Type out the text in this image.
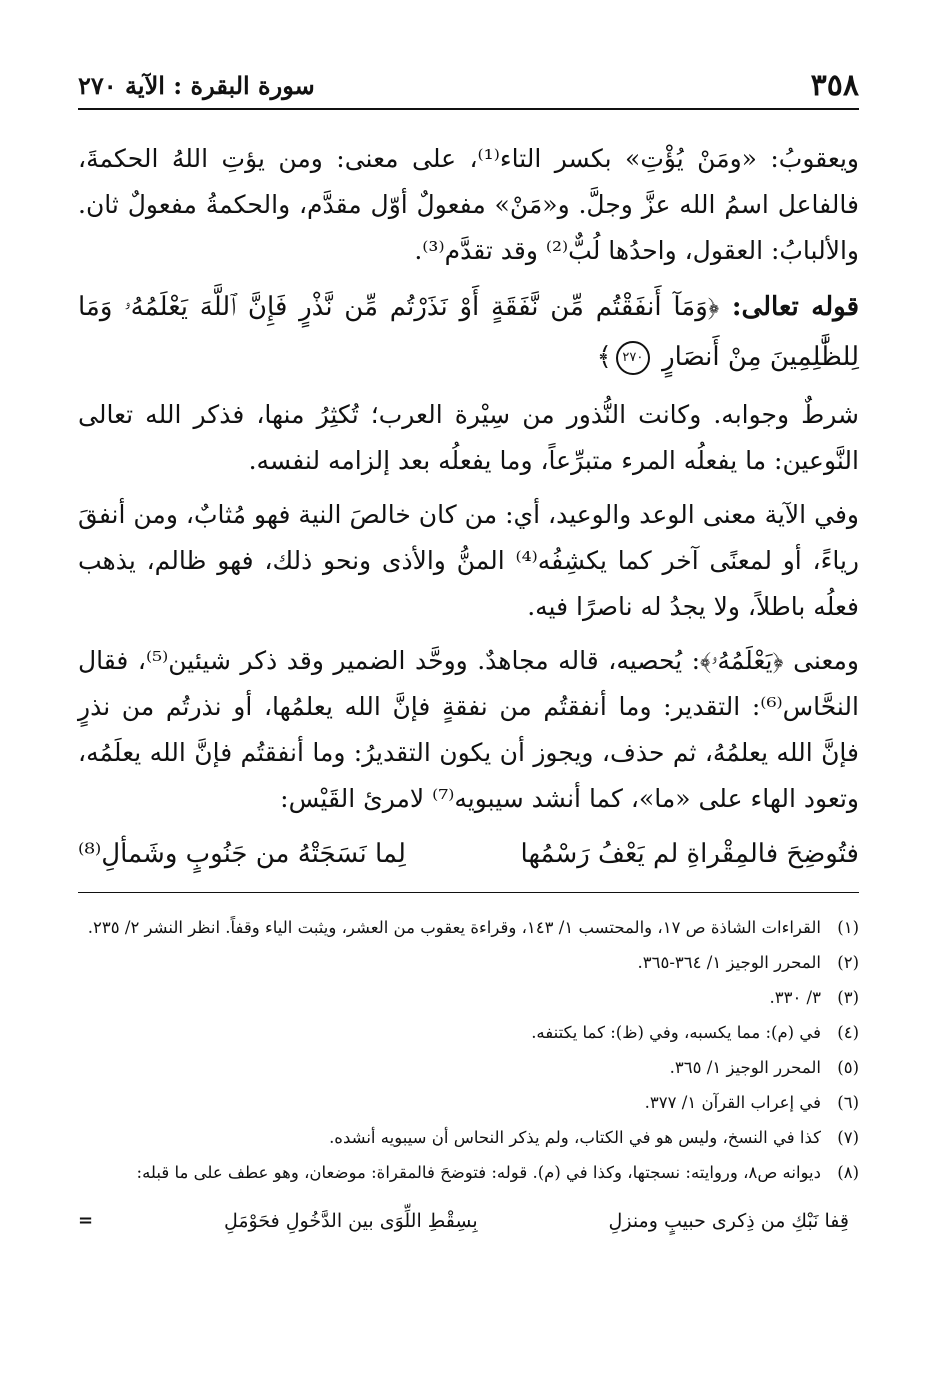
٣٥٨
سورة البقرة : الآية ٢٧٠

ويعقوبُ: «ومَنْ يُؤْتِ» بكسر التاء⁽¹⁾، على معنى: ومن يؤتِ اللهُ الحكمةَ، فالفاعل اسمُ الله عزَّ وجلَّ. و«مَنْ» مفعولٌ أوّل مقدَّم، والحكمةُ مفعولٌ ثان. والألبابُ: العقول، واحدُها لُبٌّ⁽²⁾ وقد تقدَّم⁽³⁾.

قوله تعالى: ﴿وَمَآ أَنفَقْتُم مِّن نَّفَقَةٍ أَوْ نَذَرْتُم مِّن نَّذْرٍ فَإِنَّ ٱللَّهَ يَعْلَمُهُۥ وَمَا لِلظَّٰلِمِينَ مِنْ أَنصَارٍ ٢٧٠﴾

شرطٌ وجوابه. وكانت النُّذور من سِيْرة العرب؛ تُكثِرُ منها، فذكر الله تعالى النَّوعين: ما يفعلُه المرء متبرِّعاً، وما يفعلُه بعد إلزامه لنفسه.

وفي الآية معنى الوعد والوعيد، أي: من كان خالصَ النية فهو مُثابٌ، ومن أنفقَ رياءً، أو لمعنًى آخر كما يكشِفُه⁽⁴⁾ المنُّ والأذى ونحو ذلك، فهو ظالم، يذهب فعلُه باطلاً، ولا يجدُ له ناصرًا فيه.

ومعنى ﴿يَعْلَمُهُۥ﴾: يُحصيه، قاله مجاهدٌ. ووحَّد الضمير وقد ذكر شيئين⁽⁵⁾، فقال النحَّاس⁽⁶⁾: التقدير: وما أنفقتُم من نفقةٍ فإنَّ الله يعلمُها، أو نذرتُم من نذرٍ فإنَّ الله يعلمُهُ، ثم حذف، ويجوز أن يكون التقديرُ: وما أنفقتُم فإنَّ الله يعلَمُه، وتعود الهاء على «ما»، كما أنشد سيبويه⁽⁷⁾ لامرئ القَيْس:

فتُوضِحَ فالمِقْراةِ لم يَعْفُ رَسْمُها
لِما نَسَجَتْهُ من جَنُوبٍ وشَمألِ⁽⁸⁾
(١)
القراءات الشاذة ص ١٧، والمحتسب ١/ ١٤٣، وقراءة يعقوب من العشر، ويثبت الياء وقفاً. انظر النشر ٢/ ٢٣٥.
(٢)
المحرر الوجيز ١/ ٣٦٤-٣٦٥.
(٣)
٣/ ٣٣٠.
(٤)
في (م): مما يكسبه، وفي (ظ): كما يكتنفه.
(٥)
المحرر الوجيز ١/ ٣٦٥.
(٦)
في إعراب القرآن ١/ ٣٧٧.
(٧)
كذا في النسخ، وليس هو في الكتاب، ولم يذكر النحاس أن سيبويه أنشده.
(٨)
ديوانه ص٨، وروايته: نسجتها، وكذا في (م). قوله: فتوضحَ فالمقراة: موضعان، وهو عطف على ما قبله:
قِفا نَبْكِ من ذِكرى حبيبٍ ومنزلِ
بِسِقْطِ اللِّوَى بين الدَّخُولِ فحَوْمَلِ
=
